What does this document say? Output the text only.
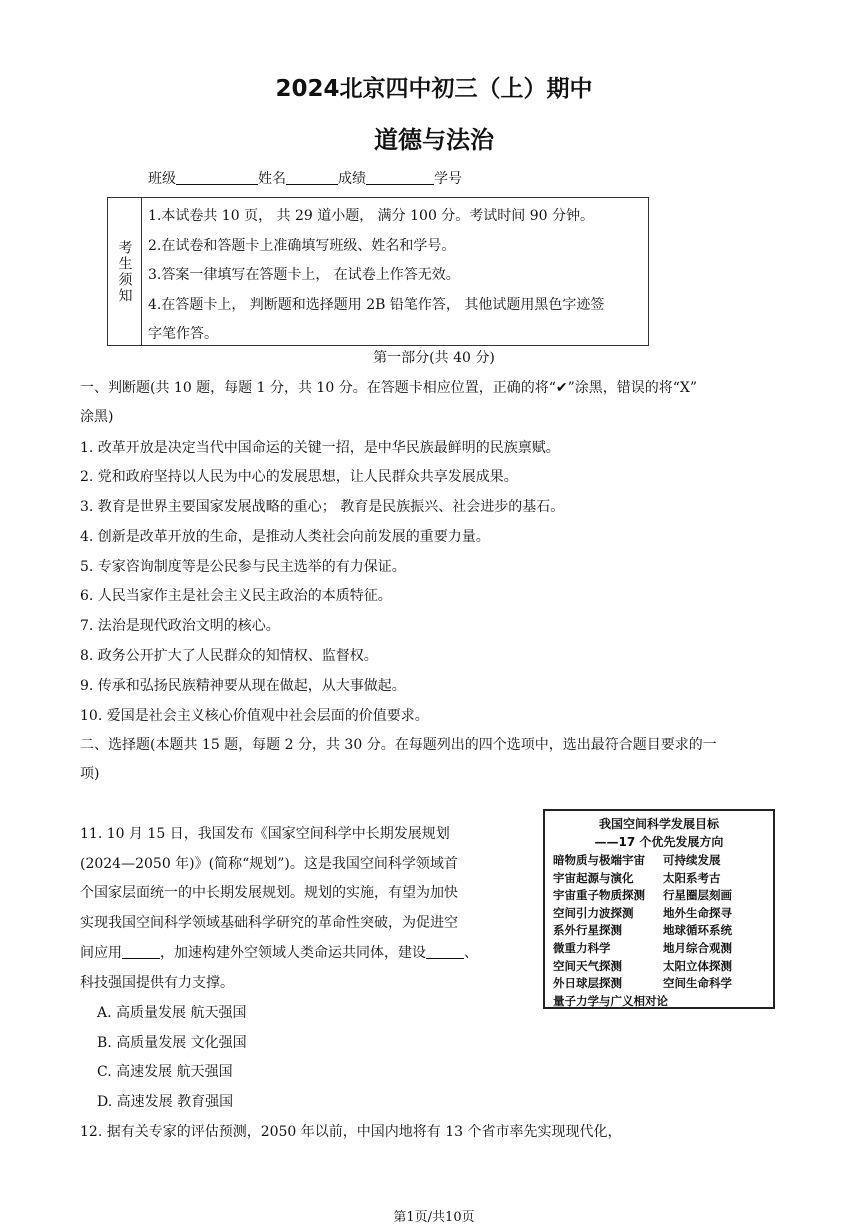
2024北京四中初三（上）期中
道德与法治
班级	姓名	成绩	学号
考生须知
1.本试卷共 10 页， 共 29 道小题， 满分 100 分。考试时间 90 分钟。
2.在试卷和答题卡上准确填写班级、姓名和学号。
3.答案一律填写在答题卡上， 在试卷上作答无效。
4.在答题卡上， 判断题和选择题用 2B 铅笔作答， 其他试题用黑色字迹签
字笔作答。
第一部分(共 40 分)
一、判断题(共 10 题，每题 1 分，共 10 分。在答题卡相应位置，正确的将“✔”涂黑，错误的将“X”
涂黑)
1. 改革开放是决定当代中国命运的关键一招，是中华民族最鲜明的民族禀赋。
2. 党和政府坚持以人民为中心的发展思想，让人民群众共享发展成果。
3. 教育是世界主要国家发展战略的重心； 教育是民族振兴、社会进步的基石。
4. 创新是改革开放的生命，是推动人类社会向前发展的重要力量。
5. 专家咨询制度等是公民参与民主选举的有力保证。
6. 人民当家作主是社会主义民主政治的本质特征。
7. 法治是现代政治文明的核心。
8. 政务公开扩大了人民群众的知情权、监督权。
9. 传承和弘扬民族精神要从现在做起，从大事做起。
10. 爱国是社会主义核心价值观中社会层面的价值要求。
二、选择题(本题共 15 题，每题 2 分，共 30 分。在每题列出的四个选项中，选出最符合题目要求的一
项)
11. 10 月 15 日，我国发布《国家空间科学中长期发展规划
(2024—2050 年)》(简称“规划”)。这是我国空间科学领域首
个国家层面统一的中长期发展规划。规划的实施，有望为加快
实现我国空间科学领域基础科学研究的革命性突破，为促进空
间应用	，加速构建外空领域人类命运共同体，建设	、
科技强国提供有力支撑。
A. 高质量发展 航天强国
B. 高质量发展 文化强国
C. 高速发展 航天强国
D. 高速发展 教育强国
12. 据有关专家的评估预测，2050 年以前，中国内地将有 13 个省市率先实现现代化，
我国空间科学发展目标
——17 个优先发展方向
暗物质与极端宇宙 可持续发展
宇宙起源与演化	太阳系考古
宇宙重子物质探测 行星圈层刻画
空间引力波探测	地外生命探寻
系外行星探测	地球循环系统
微重力科学	地月综合观测
空间天气探测	太阳立体探测
外日球层探测	空间生命科学
量子力学与广义相对论
第1页/共10页
